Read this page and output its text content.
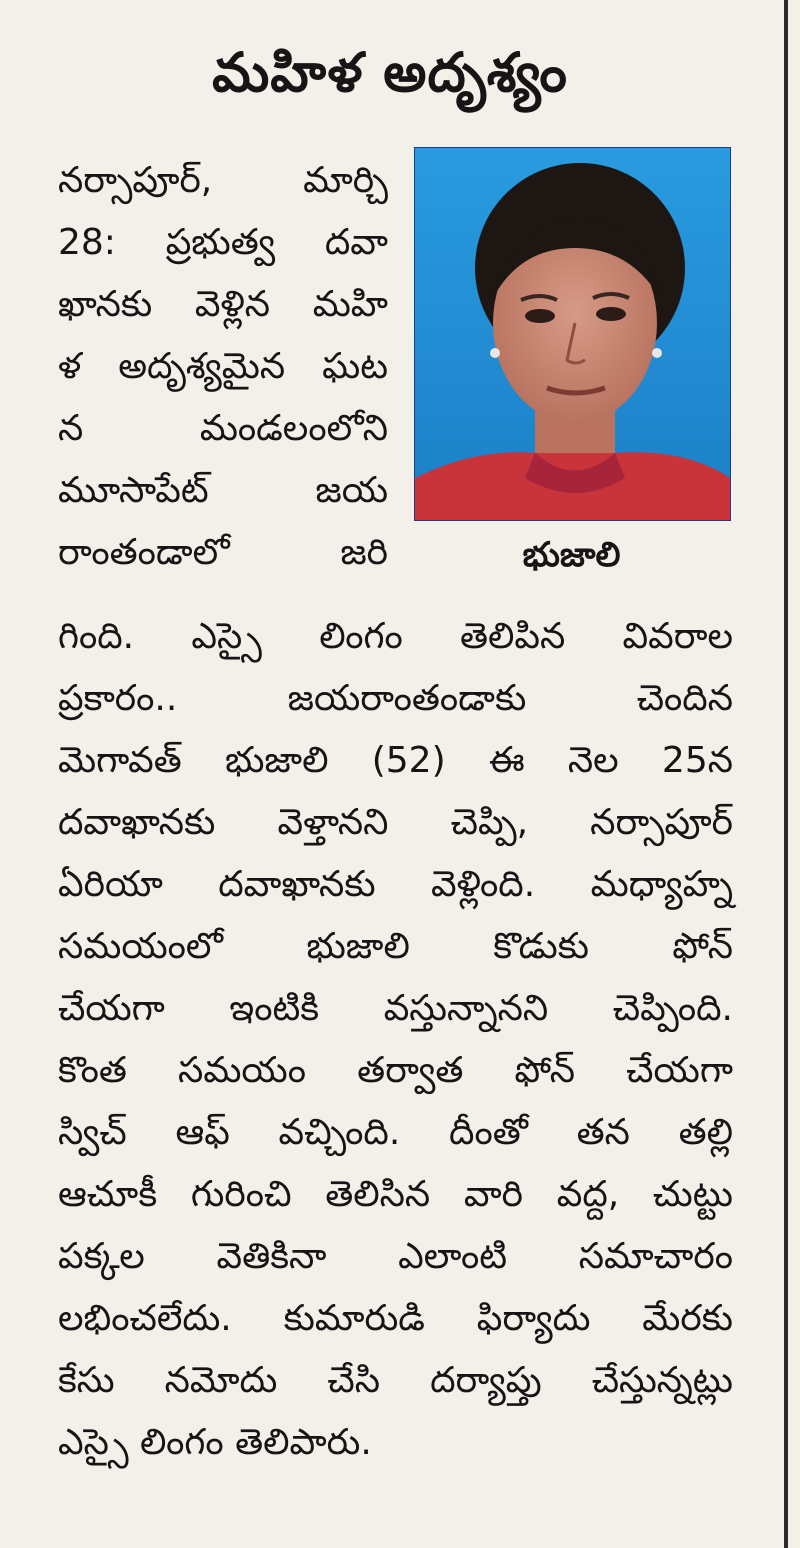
మహిళ అదృశ్యం
నర్సాపూర్, మార్చి
28: ప్రభుత్వ దవా
ఖానకు వెళ్లిన మహి
ళ అదృశ్యమైన ఘట
న మండలంలోని
మూసాపేట్ జయ
రాంతండాలో జరి
గింది. ఎస్సై లింగం తెలిపిన వివరాల
ప్రకారం.. జయరాంతండాకు చెందిన
మెగావత్ భుజాలి (52) ఈ నెల 25న
దవాఖానకు వెళ్తానని చెప్పి, నర్సాపూర్
ఏరియా దవాఖానకు వెళ్లింది. మధ్యాహ్న
సమయంలో భుజాలి కొడుకు ఫోన్
చేయగా ఇంటికి వస్తున్నానని చెప్పింది.
కొంత సమయం తర్వాత ఫోన్ చేయగా
స్విచ్ ఆఫ్ వచ్చింది. దీంతో తన తల్లి
ఆచూకీ గురించి తెలిసిన వారి వద్ద, చుట్టు
పక్కల వెతికినా ఎలాంటి సమాచారం
లభించలేదు. కుమారుడి ఫిర్యాదు మేరకు
కేసు నమోదు చేసి దర్యాప్తు చేస్తున్నట్లు
ఎస్సై లింగం తెలిపారు.
భుజాలి
